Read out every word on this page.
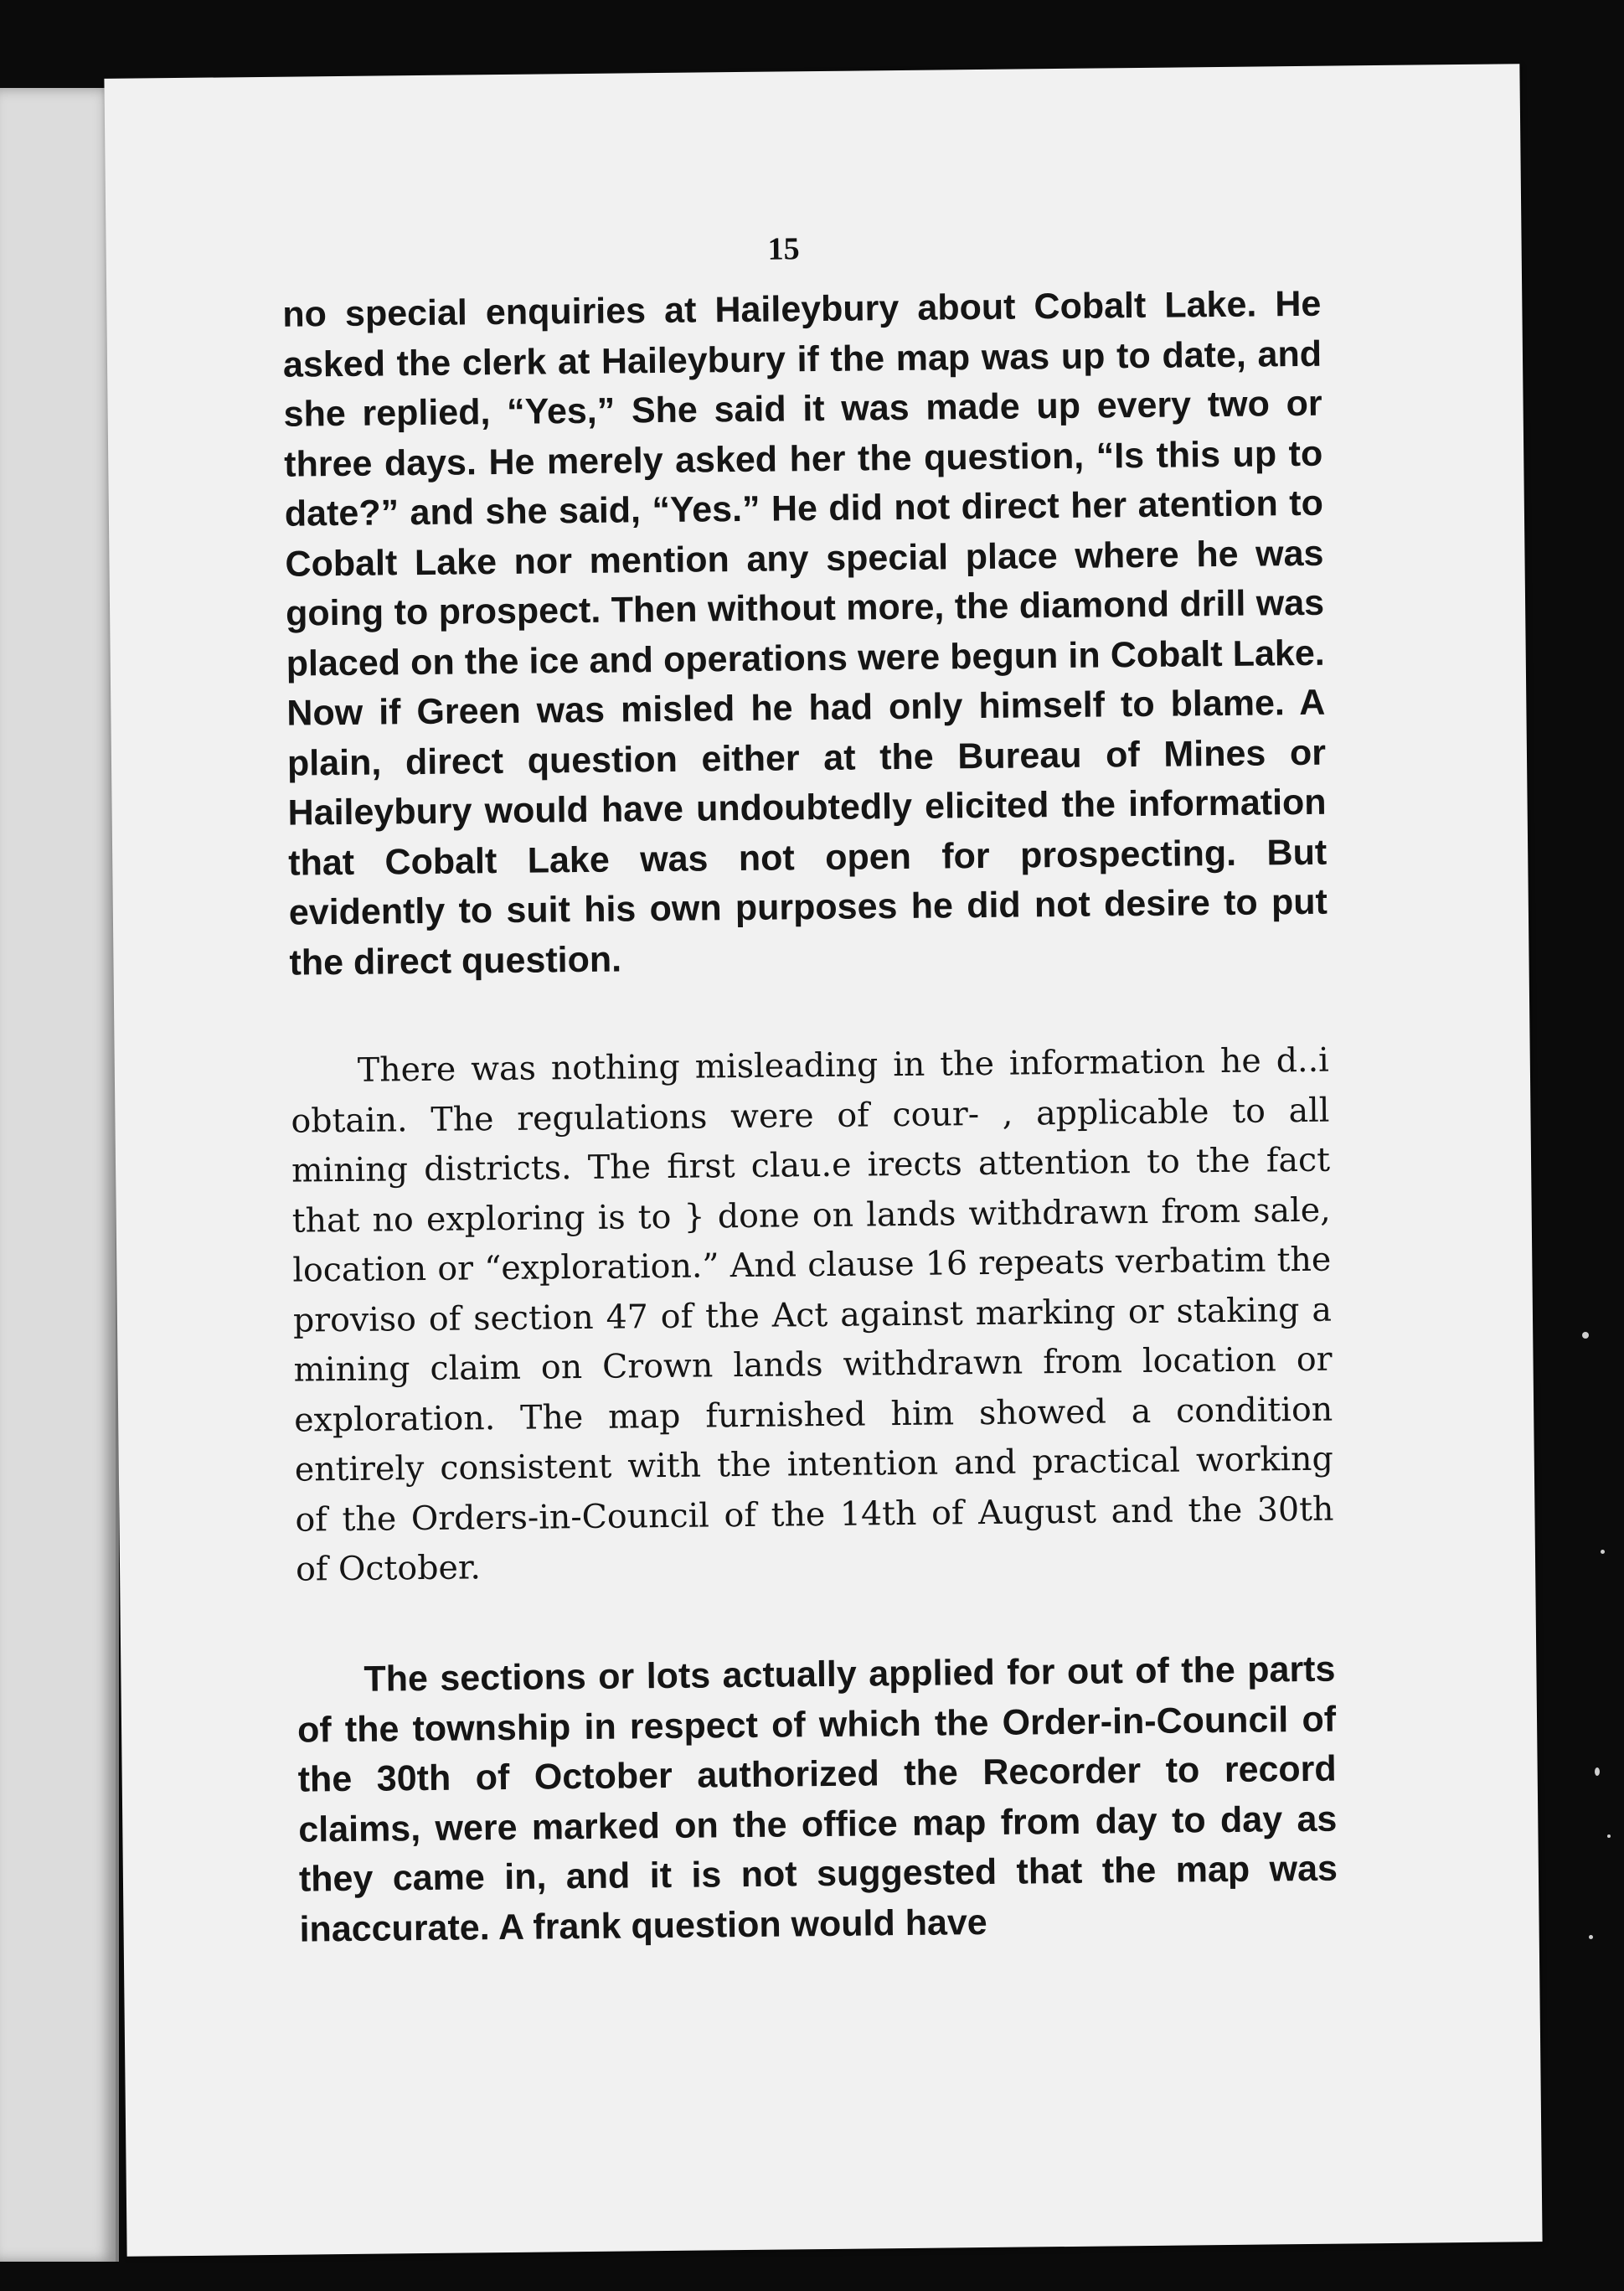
15

no special enquiries at Haileybury about Cobalt Lake. He asked the clerk at Haileybury if the map was up to date, and she replied, “Yes,” She said it was made up every two or three days. He merely asked her the question, “Is this up to date?” and she said, “Yes.” He did not direct her atention to Cobalt Lake nor mention any special place where he was going to prospect. Then without more, the diamond drill was placed on the ice and operations were begun in Cobalt Lake. Now if Green was misled he had only himself to blame. A plain, direct question either at the Bureau of Mines or Haileybury would have undoubtedly elicited the information that Cobalt Lake was not open for prospecting. But evidently to suit his own purposes he did not desire to put the direct question.

There was nothing misleading in the information he d..i obtain. The regulations were of cour- , applicable to all mining districts. The first clau.e irects attention to the fact that no exploring is to } done on lands withdrawn from sale, location or “exploration.” And clause 16 repeats verbatim the proviso of section 47 of the Act against marking or staking a mining claim on Crown lands withdrawn from location or exploration. The map furnished him showed a condition entirely consistent with the intention and practical working of the Orders-in-Council of the 14th of August and the 30th of October.

The sections or lots actually applied for out of the parts of the township in respect of which the Order-in-Council of the 30th of October authorized the Recorder to record claims, were marked on the office map from day to day as they came in, and it is not suggested that the map was inaccurate. A frank question would have
